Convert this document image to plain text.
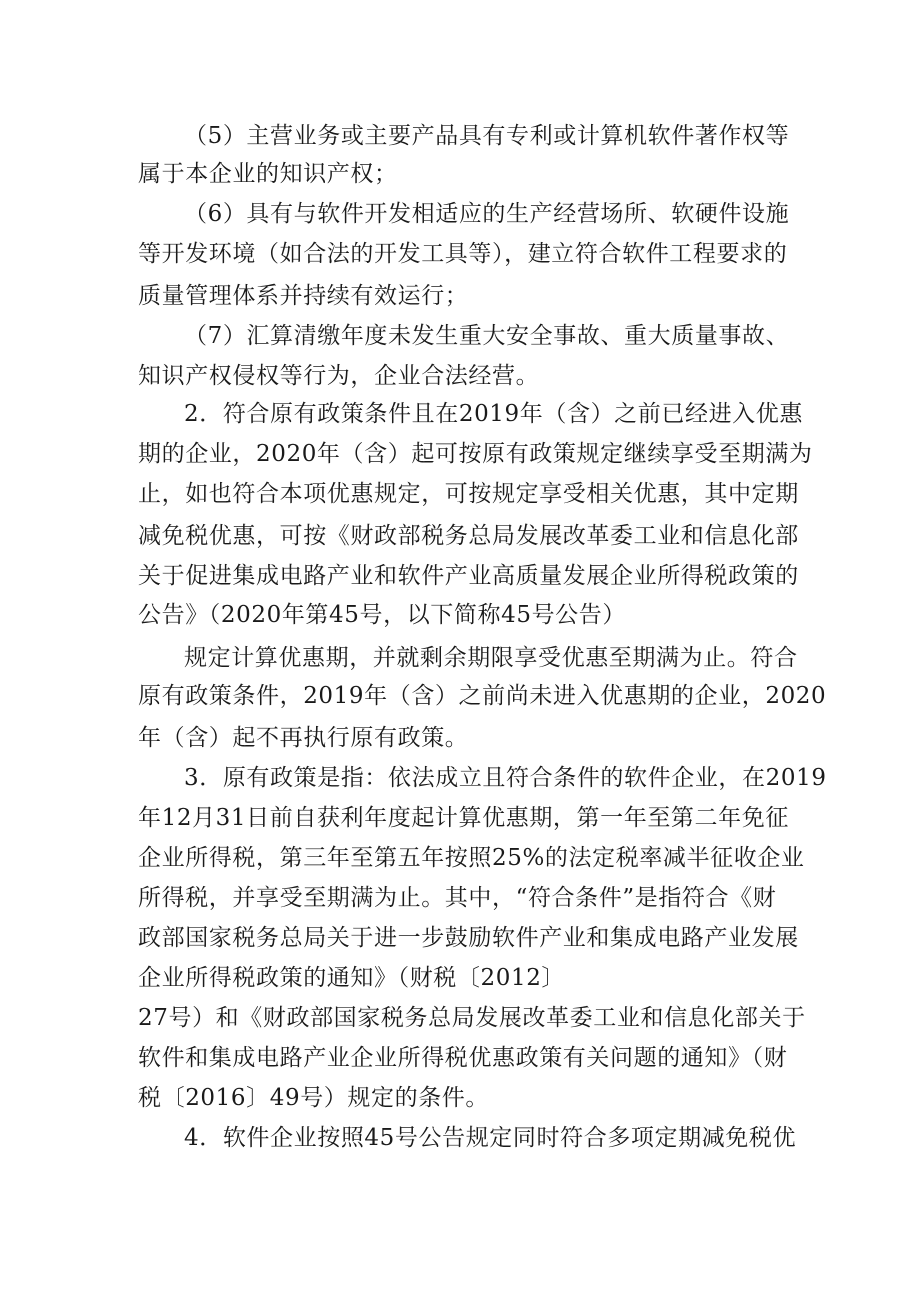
（5）主营业务或主要产品具有专利或计算机软件著作权等
属于本企业的知识产权；
（6）具有与软件开发相适应的生产经营场所、软硬件设施
等开发环境（如合法的开发工具等），建立符合软件工程要求的
质量管理体系并持续有效运行；
（7）汇算清缴年度未发生重大安全事故、重大质量事故、
知识产权侵权等行为，企业合法经营。
2．符合原有政策条件且在2019年（含）之前已经进入优惠
期的企业，2020年（含）起可按原有政策规定继续享受至期满为
止，如也符合本项优惠规定，可按规定享受相关优惠，其中定期
减免税优惠，可按《财政部税务总局发展改革委工业和信息化部
关于促进集成电路产业和软件产业高质量发展企业所得税政策的
公告》（2020年第45号，以下简称45号公告）
规定计算优惠期，并就剩余期限享受优惠至期满为止。符合
原有政策条件，2019年（含）之前尚未进入优惠期的企业，2020
年（含）起不再执行原有政策。
3．原有政策是指：依法成立且符合条件的软件企业，在2019
年12月31日前自获利年度起计算优惠期，第一年至第二年免征
企业所得税，第三年至第五年按照25%的法定税率减半征收企业
所得税，并享受至期满为止。其中，“符合条件”是指符合《财
政部国家税务总局关于进一步鼓励软件产业和集成电路产业发展
企业所得税政策的通知》（财税〔2012〕
27号）和《财政部国家税务总局发展改革委工业和信息化部关于
软件和集成电路产业企业所得税优惠政策有关问题的通知》（财
税〔2016〕49号）规定的条件。
4．软件企业按照45号公告规定同时符合多项定期减免税优
